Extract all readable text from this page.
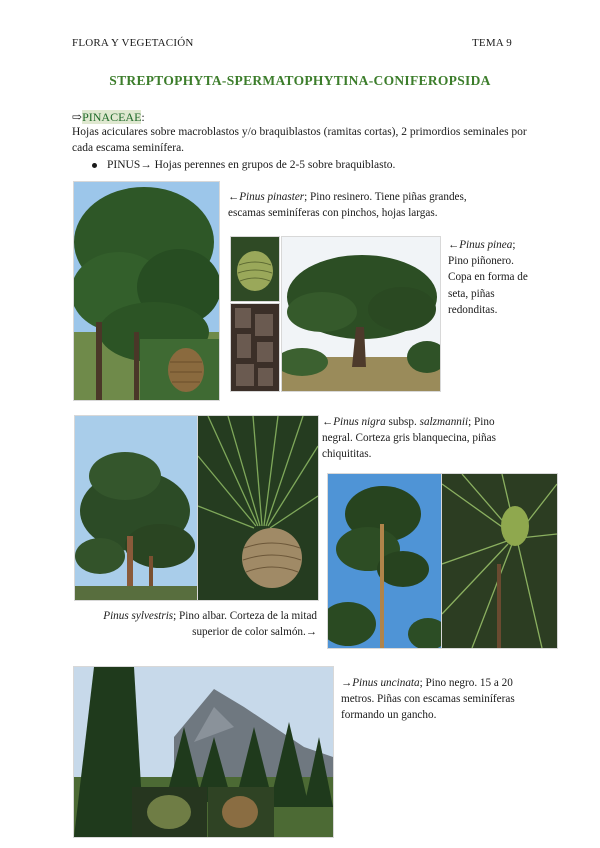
FLORA Y VEGETACIÓN	TEMA 9
STREPTOPHYTA-SPERMATOPHYTINA-CONIFEROPSIDA
⇨PINACEAE:
Hojas aciculares sobre macroblastos y/o braquiblastos (ramitas cortas), 2 primordios seminales por cada escama seminífera.
PINUS→ Hojas perennes en grupos de 2-5 sobre braquiblasto.
←Pinus pinaster; Pino resinero. Tiene piñas grandes, escamas seminíferas con pinchos, hojas largas.
←Pinus pinea; Pino piñonero. Copa en forma de seta, piñas redonditas.
←Pinus nigra subsp. salzmannii; Pino negral. Corteza gris blanquecina, piñas chiquititas.
Pinus sylvestris; Pino albar. Corteza de la mitad superior de color salmón.→
→Pinus uncinata; Pino negro. 15 a 20 metros. Piñas con escamas seminíferas formando un gancho.
